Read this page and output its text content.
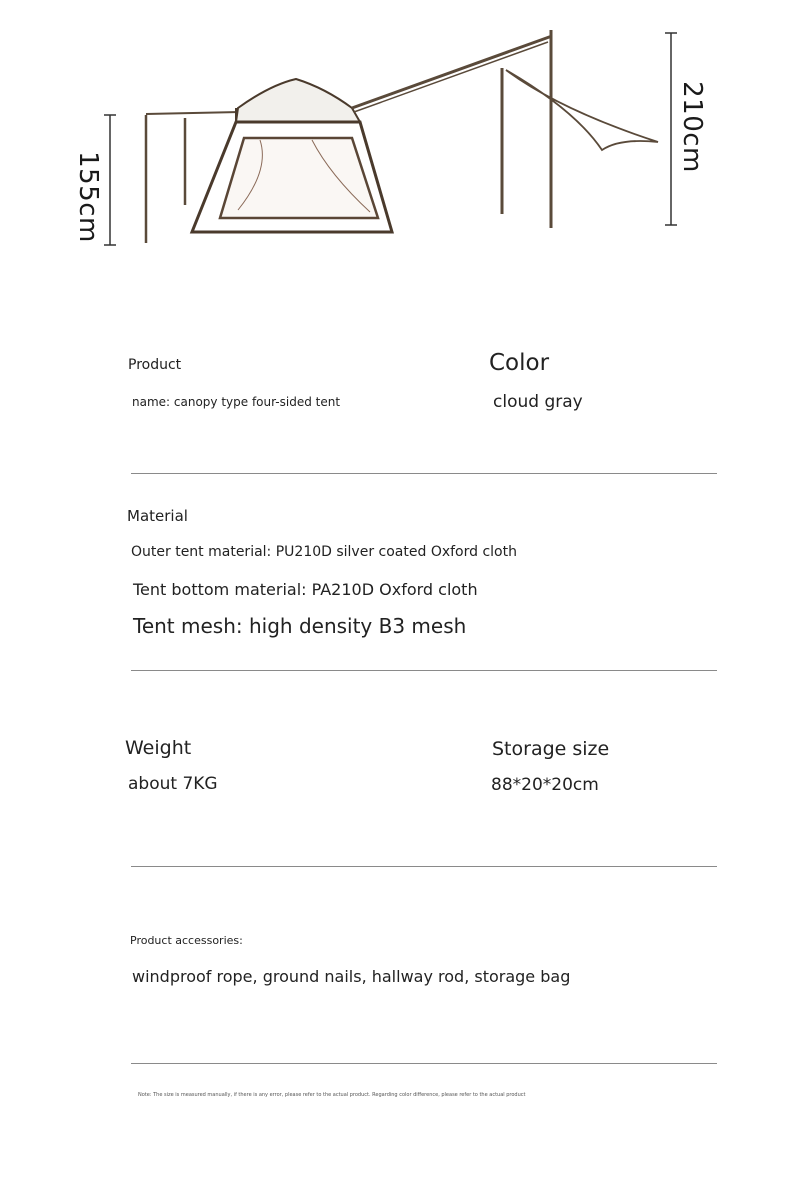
155cm
210cm
Product
name: canopy type four-sided tent
Color
cloud gray
Material
Outer tent material: PU210D silver coated Oxford cloth
Tent bottom material: PA210D Oxford cloth
Tent mesh: high density B3 mesh
Weight
about 7KG
Storage size
88*20*20cm
Product accessories:
windproof rope, ground nails, hallway rod, storage bag
Note: The size is measured manually, if there is any error, please refer to the actual product. Regarding color difference, please refer to the actual product
